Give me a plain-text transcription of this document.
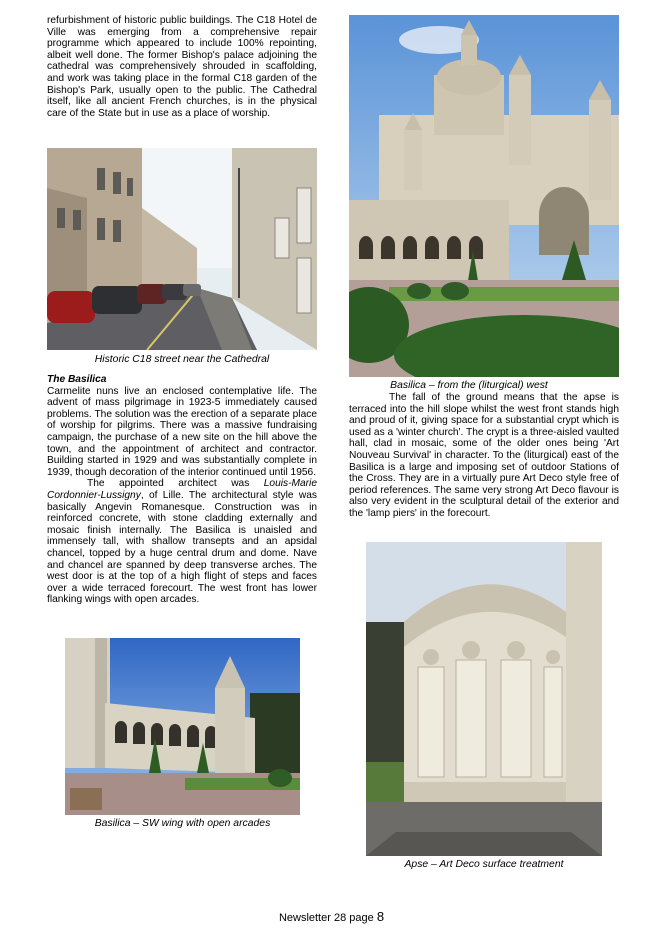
refurbishment of historic public buildings. The C18 Hotel de Ville was emerging from a comprehensive repair programme which appeared to include 100% repointing, albeit well done. The former Bishop's palace adjoining the cathedral was comprehensively shrouded in scaffolding, and work was taking place in the formal C18 garden of the Bishop's Park, usually open to the public. The Cathedral itself, like all ancient French churches, is in the physical care of the State but in use as a place of worship.

Historic C18 street near the Cathedral

The Basilica

Carmelite nuns live an enclosed contemplative life. The advent of mass pilgrimage in 1923-5 immediately caused problems. The solution was the erection of a separate place of worship for pilgrims. There was a massive fundraising campaign, the purchase of a new site on the hill above the town, and the appointment of architect and contractor. Building started in 1929 and was substantially complete in 1939, though decoration of the interior continued until 1956.

The appointed architect was Louis-Marie Cordonnier-Lussigny, of Lille. The architectural style was basically Angevin Romanesque. Construction was in reinforced concrete, with stone cladding externally and mosaic finish internally. The Basilica is unaisled and immensely tall, with shallow transepts and an apsidal chancel, topped by a huge central drum and dome. Nave and chancel are spanned by deep transverse arches. The west door is at the top of a high flight of steps and faces over a wide terraced forecourt. The west front has lower flanking wings with open arcades.

Basilica – SW wing with open arcades
Basilica – from the (liturgical) west

The fall of the ground means that the apse is terraced into the hill slope whilst the west front stands high and proud of it, giving space for a substantial crypt which is used as a 'winter church'. The crypt is a three-aisled vaulted hall, clad in mosaic, some of the older ones being 'Art Nouveau Survival' in character. To the (liturgical) east of the Basilica is a large and imposing set of outdoor Stations of the Cross. They are in a virtually pure Art Deco style free of period references. The same very strong Art Deco flavour is also very evident in the sculptural detail of the exterior and the 'lamp piers' in the forecourt.

Apse – Art Deco surface treatment
Newsletter 28 page 8
